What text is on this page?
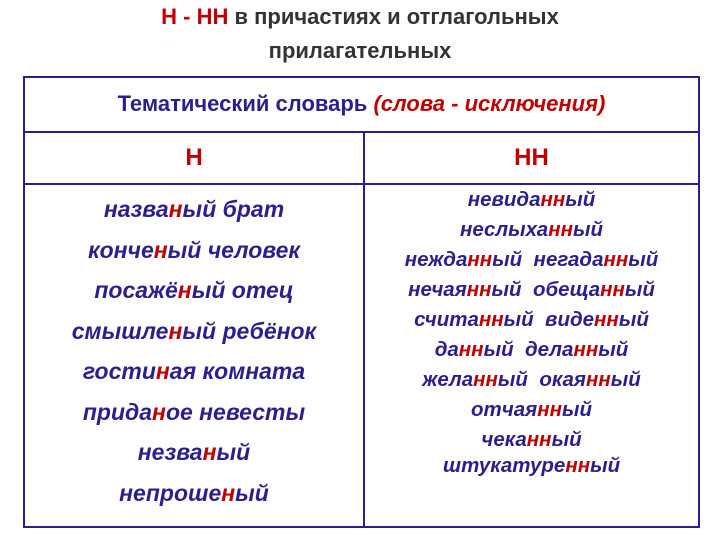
Н - НН в причастиях и отглагольных
прилагательных
Тематический словарь (слова - исключения)
Н	НН
названый брат
конченый человек
посажёный отец
смышленый ребёнок
гостиная комната
приданое невесты
незваный
непрошеный
невиданный
неслыханный
нежданный  негаданный
нечаянный  обещанный
считанный  виденный
данный  деланный
желанный  окаянный
отчаянный
чеканный
штукатуренный
